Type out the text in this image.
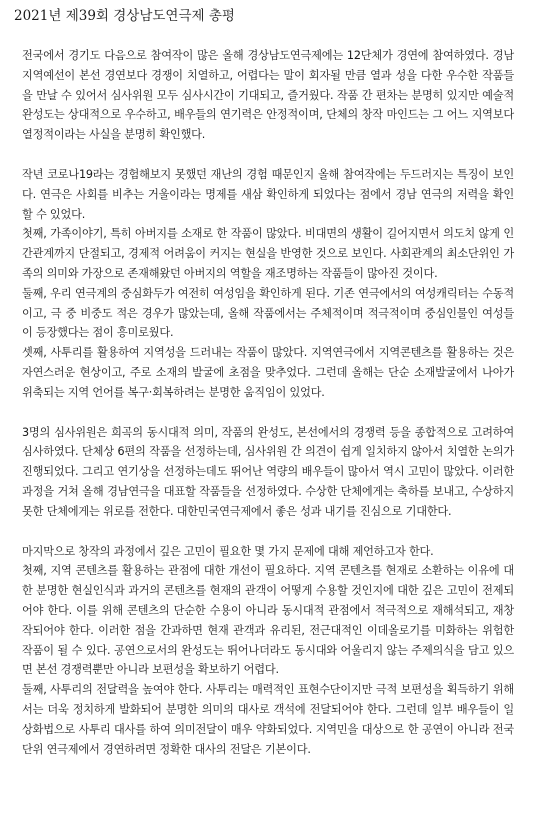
2021년 제39회 경상남도연극제 총평

전국에서 경기도 다음으로 참여작이 많은 올해 경상남도연극제에는 12단체가 경연에 참여하였다. 경남 지역예선이 본선 경연보다 경쟁이 치열하고, 어렵다는 말이 회자될 만큼 열과 성을 다한 우수한 작품들을 만날 수 있어서 심사위원 모두 심사시간이 기대되고, 즐거웠다. 작품 간 편차는 분명히 있지만 예술적 완성도는 상대적으로 우수하고, 배우들의 연기력은 안정적이며, 단체의 창작 마인드는 그 어느 지역보다 열정적이라는 사실을 분명히 확인했다.

작년 코로나19라는 경험해보지 못했던 재난의 경험 때문인지 올해 참여작에는 두드러지는 특징이 보인다. 연극은 사회를 비추는 거울이라는 명제를 새삼 확인하게 되었다는 점에서 경남 연극의 저력을 확인할 수 있었다.

첫째, 가족이야기, 특히 아버지를 소재로 한 작품이 많았다. 비대면의 생활이 길어지면서 의도치 않게 인간관계까지 단절되고, 경제적 어려움이 커지는 현실을 반영한 것으로 보인다. 사회관계의 최소단위인 가족의 의미와 가장으로 존재해왔던 아버지의 역할을 재조명하는 작품들이 많아진 것이다.

둘째, 우리 연극계의 중심화두가 여전히 여성임을 확인하게 된다. 기존 연극에서의 여성캐릭터는 수동적이고, 극 중 비중도 적은 경우가 많았는데, 올해 작품에서는 주체적이며 적극적이며 중심인물인 여성들이 등장했다는 점이 흥미로웠다.

셋째, 사투리를 활용하여 지역성을 드러내는 작품이 많았다. 지역연극에서 지역콘텐츠를 활용하는 것은 자연스러운 현상이고, 주로 소재의 발굴에 초점을 맞추었다. 그런데 올해는 단순 소재발굴에서 나아가 위축되는 지역 언어를 복구·회복하려는 분명한 움직임이 있었다.

3명의 심사위원은 희곡의 동시대적 의미, 작품의 완성도, 본선에서의 경쟁력 등을 종합적으로 고려하여 심사하였다. 단체상 6편의 작품을 선정하는데, 심사위원 간 의견이 쉽게 일치하지 않아서 치열한 논의가 진행되었다. 그리고 연기상을 선정하는데도 뛰어난 역량의 배우들이 많아서 역시 고민이 많았다. 이러한 과정을 거쳐 올해 경남연극을 대표할 작품들을 선정하였다. 수상한 단체에게는 축하를 보내고, 수상하지 못한 단체에게는 위로를 전한다. 대한민국연극제에서 좋은 성과 내기를 진심으로 기대한다.

마지막으로 창작의 과정에서 깊은 고민이 필요한 몇 가지 문제에 대해 제언하고자 한다.

첫째, 지역 콘텐츠를 활용하는 관점에 대한 개선이 필요하다. 지역 콘텐츠를 현재로 소환하는 이유에 대한 분명한 현실인식과 과거의 콘텐츠를 현재의 관객이 어떻게 수용할 것인지에 대한 깊은 고민이 전제되어야 한다. 이를 위해 콘텐츠의 단순한 수용이 아니라 동시대적 관점에서 적극적으로 재해석되고, 재창작되어야 한다. 이러한 점을 간과하면 현재 관객과 유리된, 전근대적인 이데올로기를 미화하는 위험한 작품이 될 수 있다. 공연으로서의 완성도는 뛰어나더라도 동시대와 어울리지 않는 주제의식을 담고 있으면 본선 경쟁력뿐만 아니라 보편성을 확보하기 어렵다.

둘째, 사투리의 전달력을 높여야 한다. 사투리는 매력적인 표현수단이지만 극적 보편성을 획득하기 위해서는 더욱 정치하게 발화되어 분명한 의미의 대사로 객석에 전달되어야 한다. 그런데 일부 배우들이 일상화법으로 사투리 대사를 하여 의미전달이 매우 약화되었다. 지역민을 대상으로 한 공연이 아니라 전국단위 연극제에서 경연하려면 정확한 대사의 전달은 기본이다.
